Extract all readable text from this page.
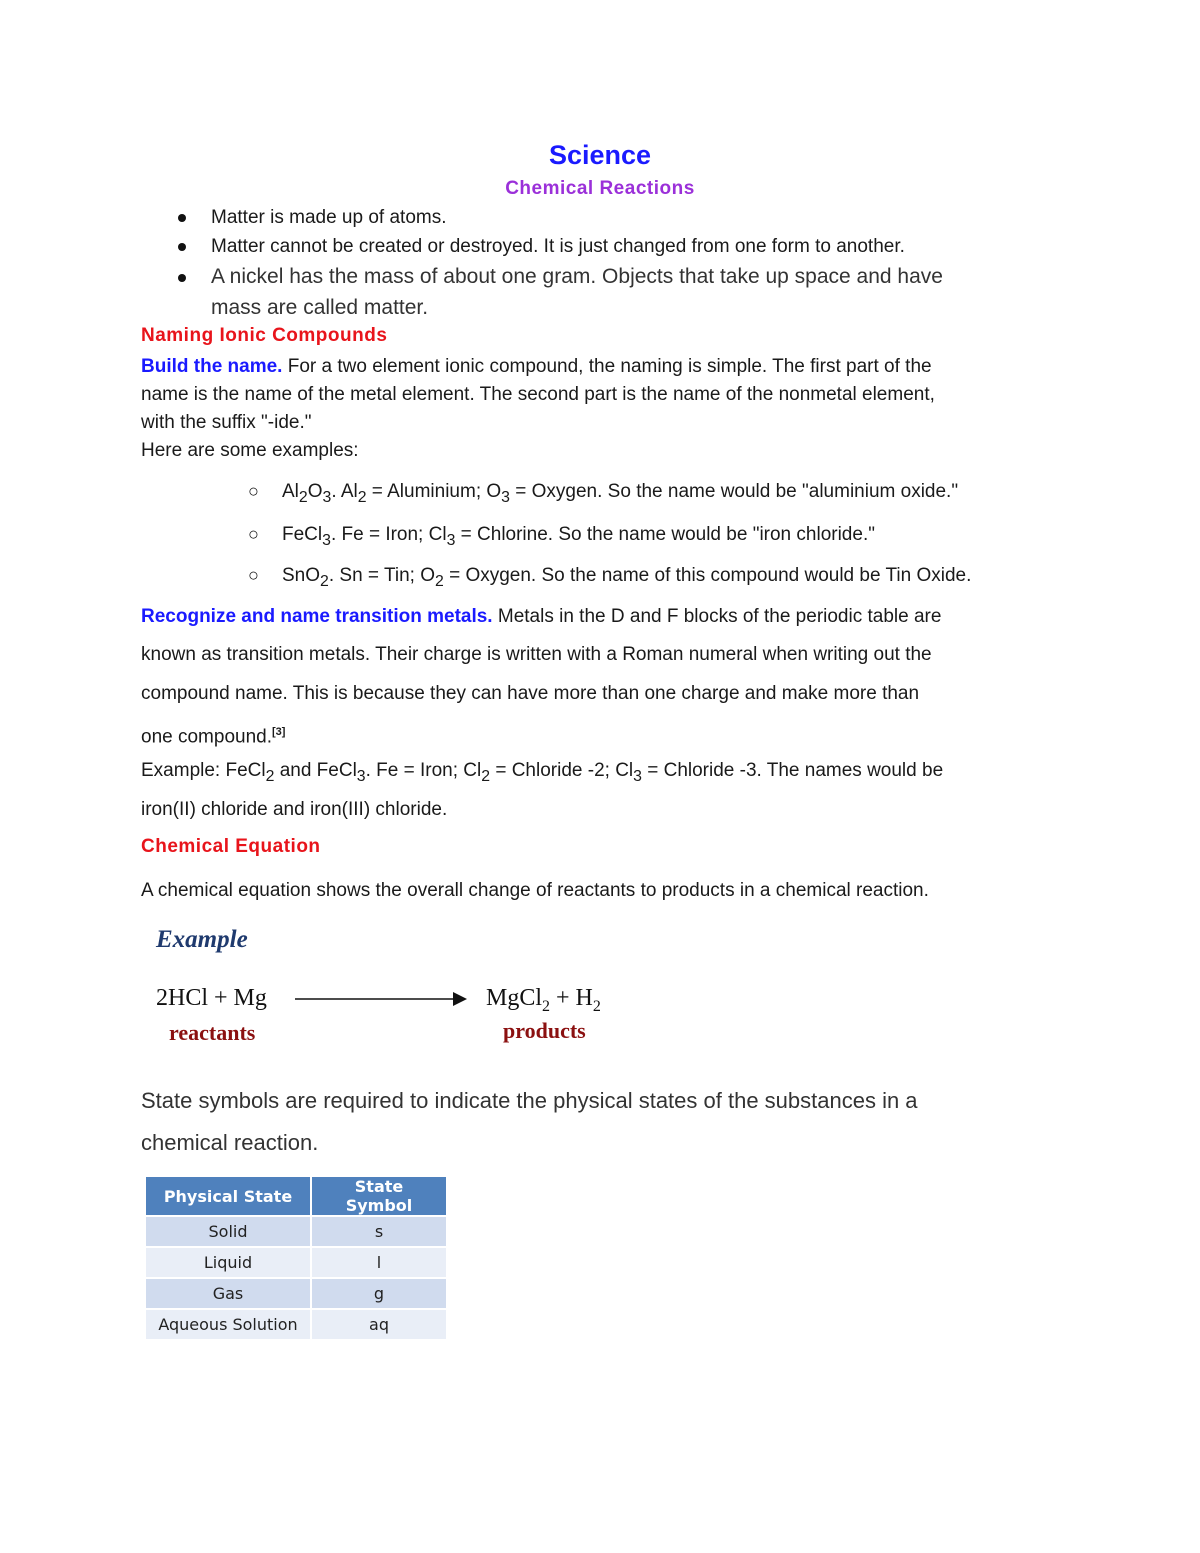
Science
Chemical Reactions
Matter is made up of atoms.
Matter cannot be created or destroyed. It is just changed from one form to another.
A nickel has the mass of about one gram. Objects that take up space and have
mass are called matter.
Naming Ionic Compounds
Build the name. For a two element ionic compound, the naming is simple. The first part of the
name is the name of the metal element. The second part is the name of the nonmetal element,
with the suffix "-ide."
Here are some examples:
○ $Al_2O_3$. $Al_2$ = Aluminium; $O_3$ = Oxygen. So the name would be "aluminium oxide."
○ FeCl$_3$. Fe = Iron; $Cl_3$ = Chlorine. So the name would be "iron chloride."
○ SnO$_2$. Sn = Tin; $O_2$ = Oxygen. So the name of this compound would be Tin Oxide.
Recognize and name transition metals. Metals in the D and F blocks of the periodic table are
known as transition metals. Their charge is written with a Roman numeral when writing out the
compound name. This is because they can have more than one charge and make more than
one compound.[3]
Example: FeCl$_2$ and FeCl$_3$. Fe = Iron; $Cl_2$ = Chloride -2; $Cl_3$ = Chloride -3. The names would be
iron(II) chloride and iron(III) chloride.
Chemical Equation
A chemical equation shows the overall change of reactants to products in a chemical reaction.
Example
2HCl + Mg	MgCl$_2$ + $H_2$
reactants	products
State symbols are required to indicate the physical states of the substances in a
chemical reaction.
Physical State	State Symbol
Solid	s
Liquid	l
Gas	g
Aqueous Solution	aq
